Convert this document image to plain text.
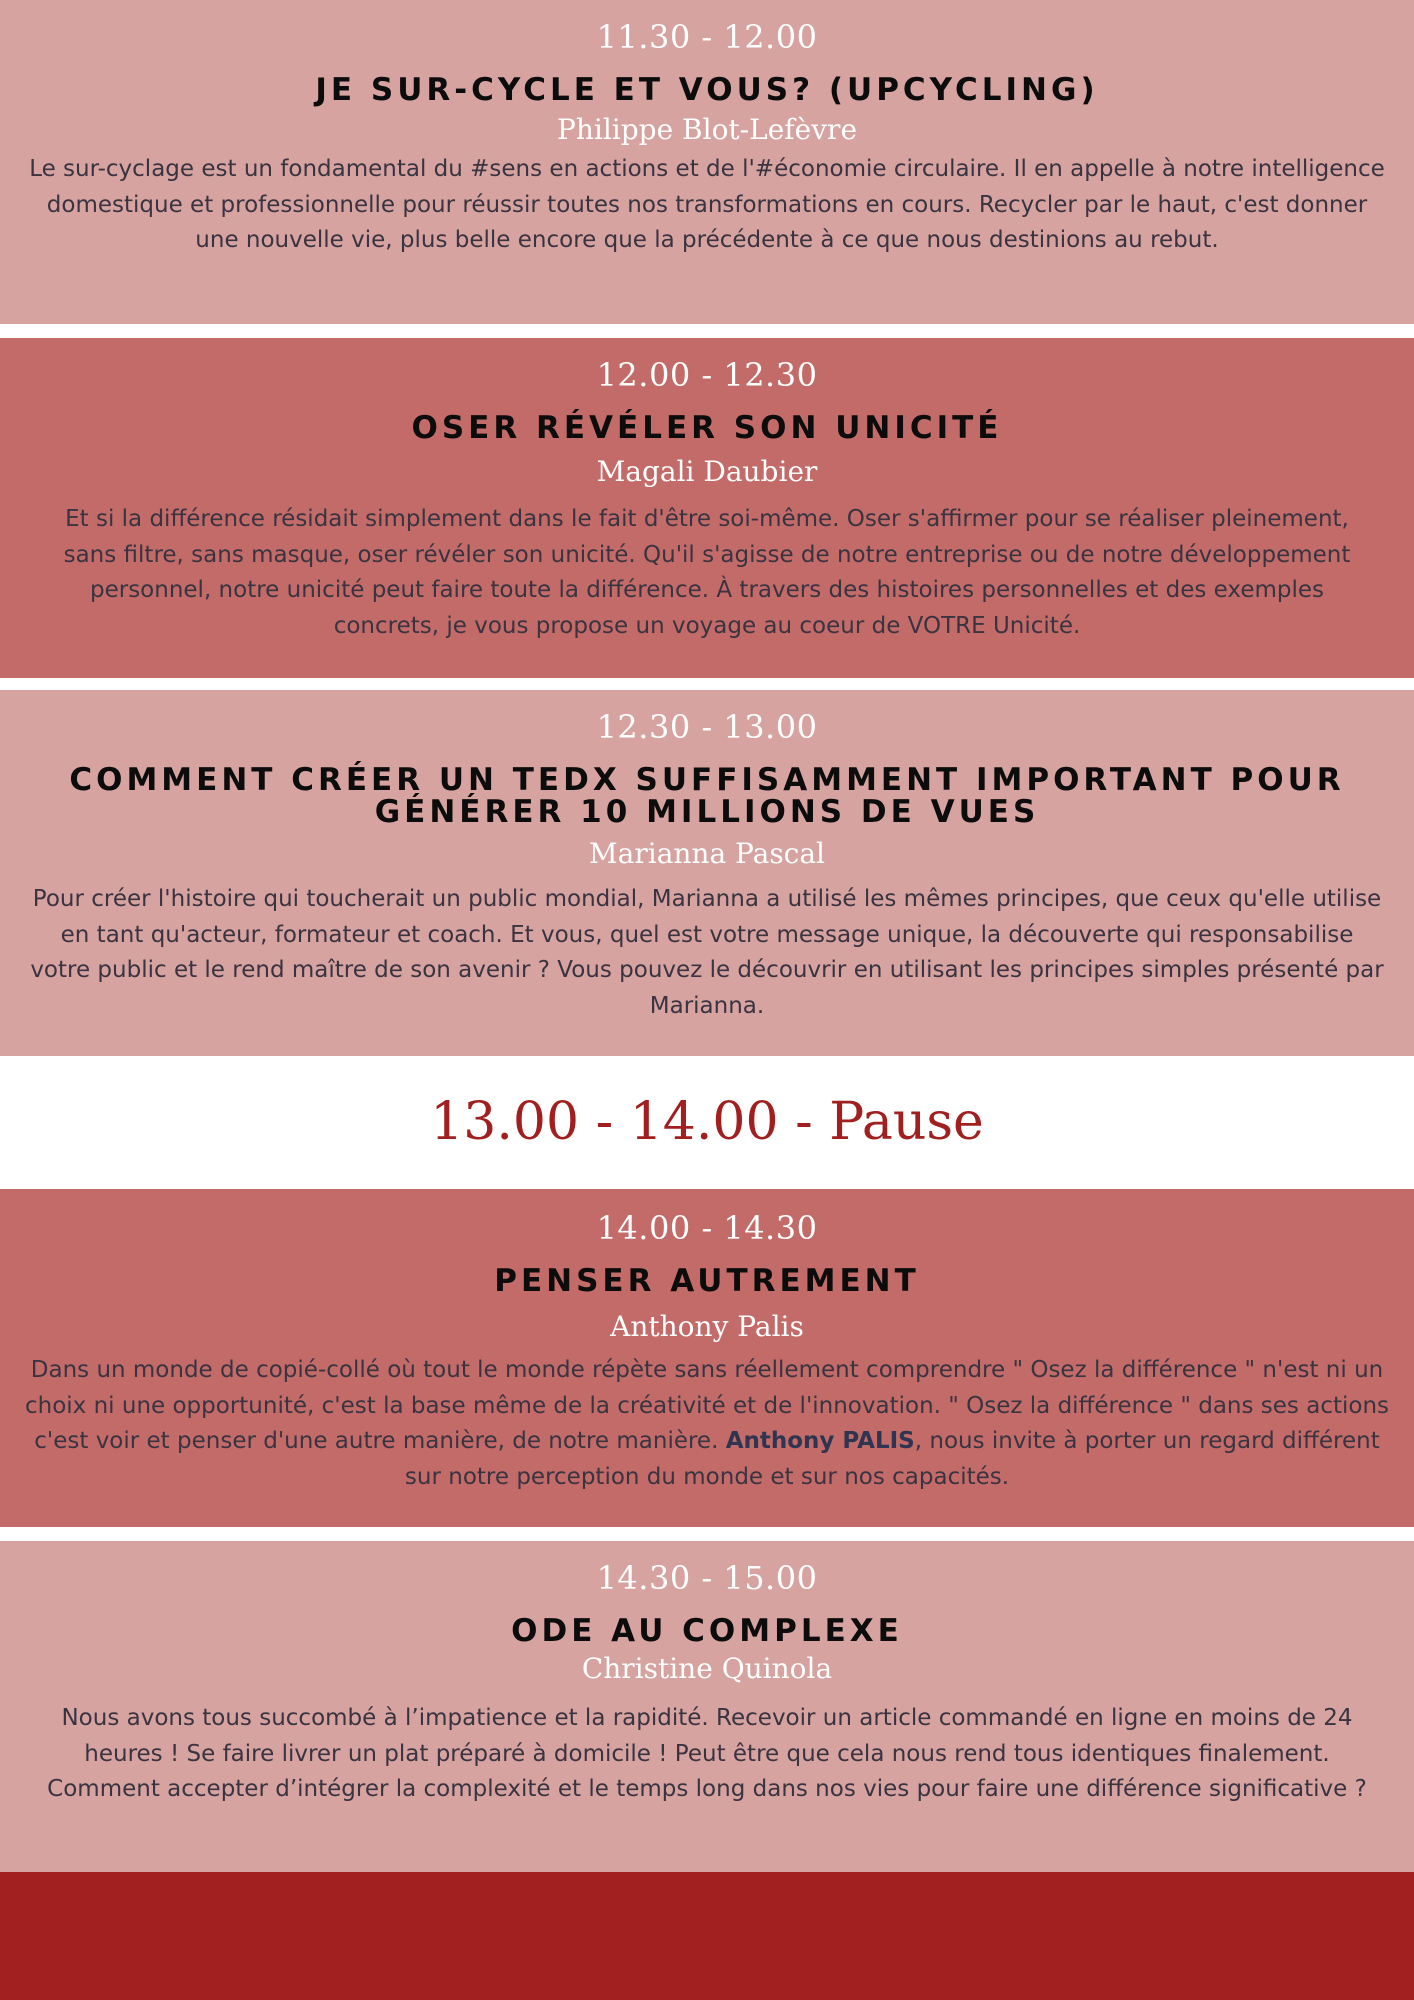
11.30 - 12.00

JE SUR-CYCLE ET VOUS? (UPCYCLING)

Philippe Blot-Lefèvre

Le sur-cyclage est un fondamental du #sens en actions et de l'#économie circulaire. Il en appelle à notre intelligence domestique et professionnelle pour réussir toutes nos transformations en cours. Recycler par le haut, c'est donner une nouvelle vie, plus belle encore que la précédente à ce que nous destinions au rebut.

12.00 - 12.30

OSER RÉVÉLER SON UNICITÉ

Magali Daubier

Et si la différence résidait simplement dans le fait d'être soi-même. Oser s'affirmer pour se réaliser pleinement, sans filtre, sans masque, oser révéler son unicité. Qu'il s'agisse de notre entreprise ou de notre développement personnel, notre unicité peut faire toute la différence. À travers des histoires personnelles et des exemples concrets, je vous propose un voyage au coeur de VOTRE Unicité.

12.30 - 13.00

COMMENT CRÉER UN TEDX SUFFISAMMENT IMPORTANT POUR GÉNÉRER 10 MILLIONS DE VUES

Marianna Pascal

Pour créer l'histoire qui toucherait un public mondial, Marianna a utilisé les mêmes principes, que ceux qu'elle utilise en tant qu'acteur, formateur et coach. Et vous, quel est votre message unique, la découverte qui responsabilise votre public et le rend maître de son avenir ? Vous pouvez le découvrir en utilisant les principes simples présenté par Marianna.

13.00 - 14.00 - Pause

14.00 - 14.30

PENSER AUTREMENT

Anthony Palis

Dans un monde de copié-collé où tout le monde répète sans réellement comprendre " Osez la différence " n'est ni un choix ni une opportunité, c'est la base même de la créativité et de l'innovation. " Osez la différence " dans ses actions c'est voir et penser d'une autre manière, de notre manière. Anthony PALIS, nous invite à porter un regard différent sur notre perception du monde et sur nos capacités.

14.30 - 15.00

ODE AU COMPLEXE

Christine Quinola

Nous avons tous succombé à l’impatience et la rapidité. Recevoir un article commandé en ligne en moins de 24 heures ! Se faire livrer un plat préparé à domicile ! Peut être que cela nous rend tous identiques finalement. Comment accepter d’intégrer la complexité et le temps long dans nos vies pour faire une différence significative ?
